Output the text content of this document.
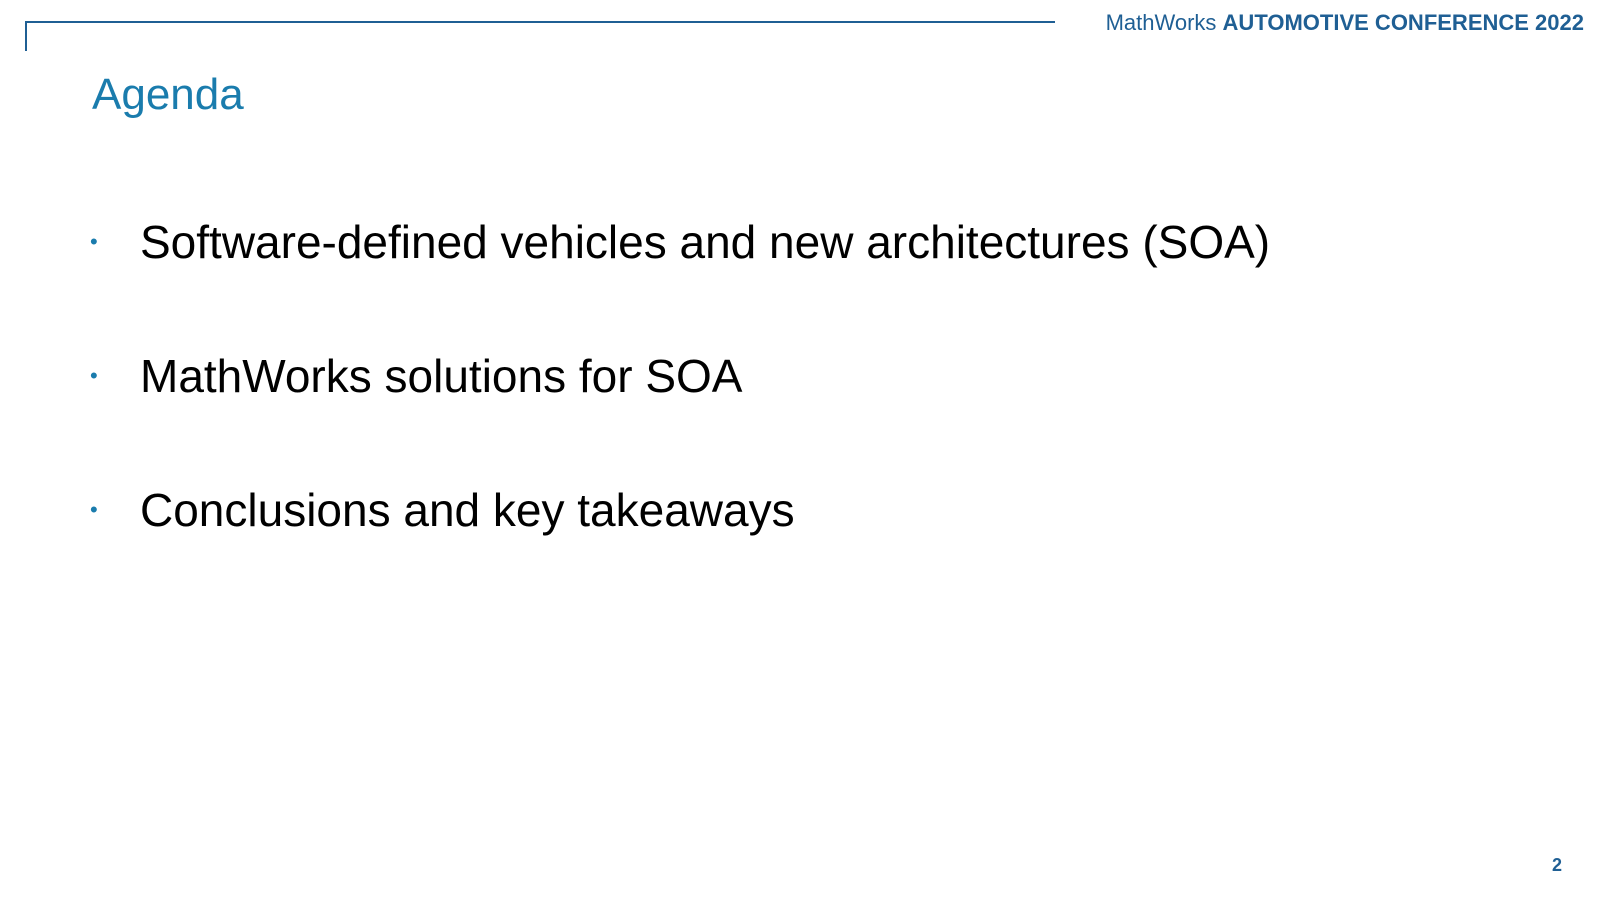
MathWorks AUTOMOTIVE CONFERENCE 2022
Agenda
• Software-defined vehicles and new architectures (SOA)
• MathWorks solutions for SOA
• Conclusions and key takeaways
2
